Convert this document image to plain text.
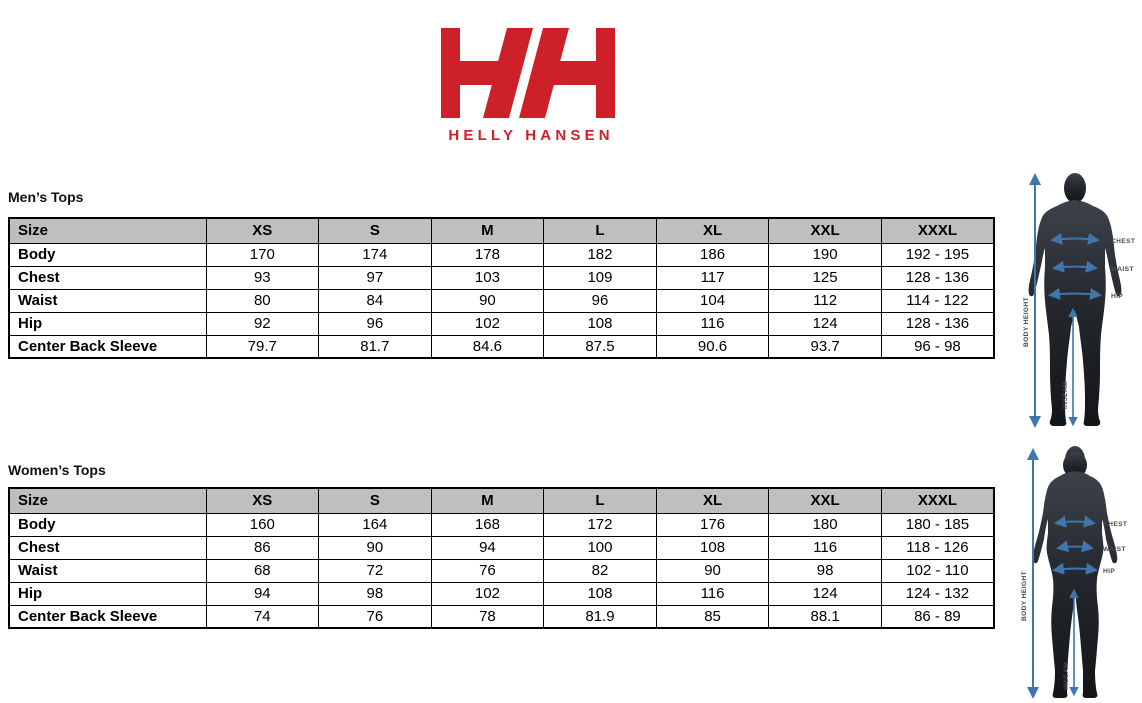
HELLY HANSEN
Men’s Tops
Size	XS	S	M	L	XL	XXL	XXXL
Body	170	174	178	182	186	190	192 - 195
Chest	93	97	103	109	117	125	128 - 136
Waist	80	84	90	96	104	112	114 - 122
Hip	92	96	102	108	116	124	128 - 136
Center Back Sleeve	79.7	81.7	84.6	87.5	90.6	93.7	96 - 98
Women’s Tops
Size	XS	S	M	L	XL	XXL	XXXL
Body	160	164	168	172	176	180	180 - 185
Chest	86	90	94	100	108	116	118 - 126
Waist	68	72	76	82	90	98	102 - 110
Hip	94	98	102	108	116	124	124 - 132
Center Back Sleeve	74	76	78	81.9	85	88.1	86 - 89
CHEST
WAIST
HIP
BODY HEIGHT
INSEAM
CHEST
WAIST
HIP
BODY HEIGHT
INSEAM
